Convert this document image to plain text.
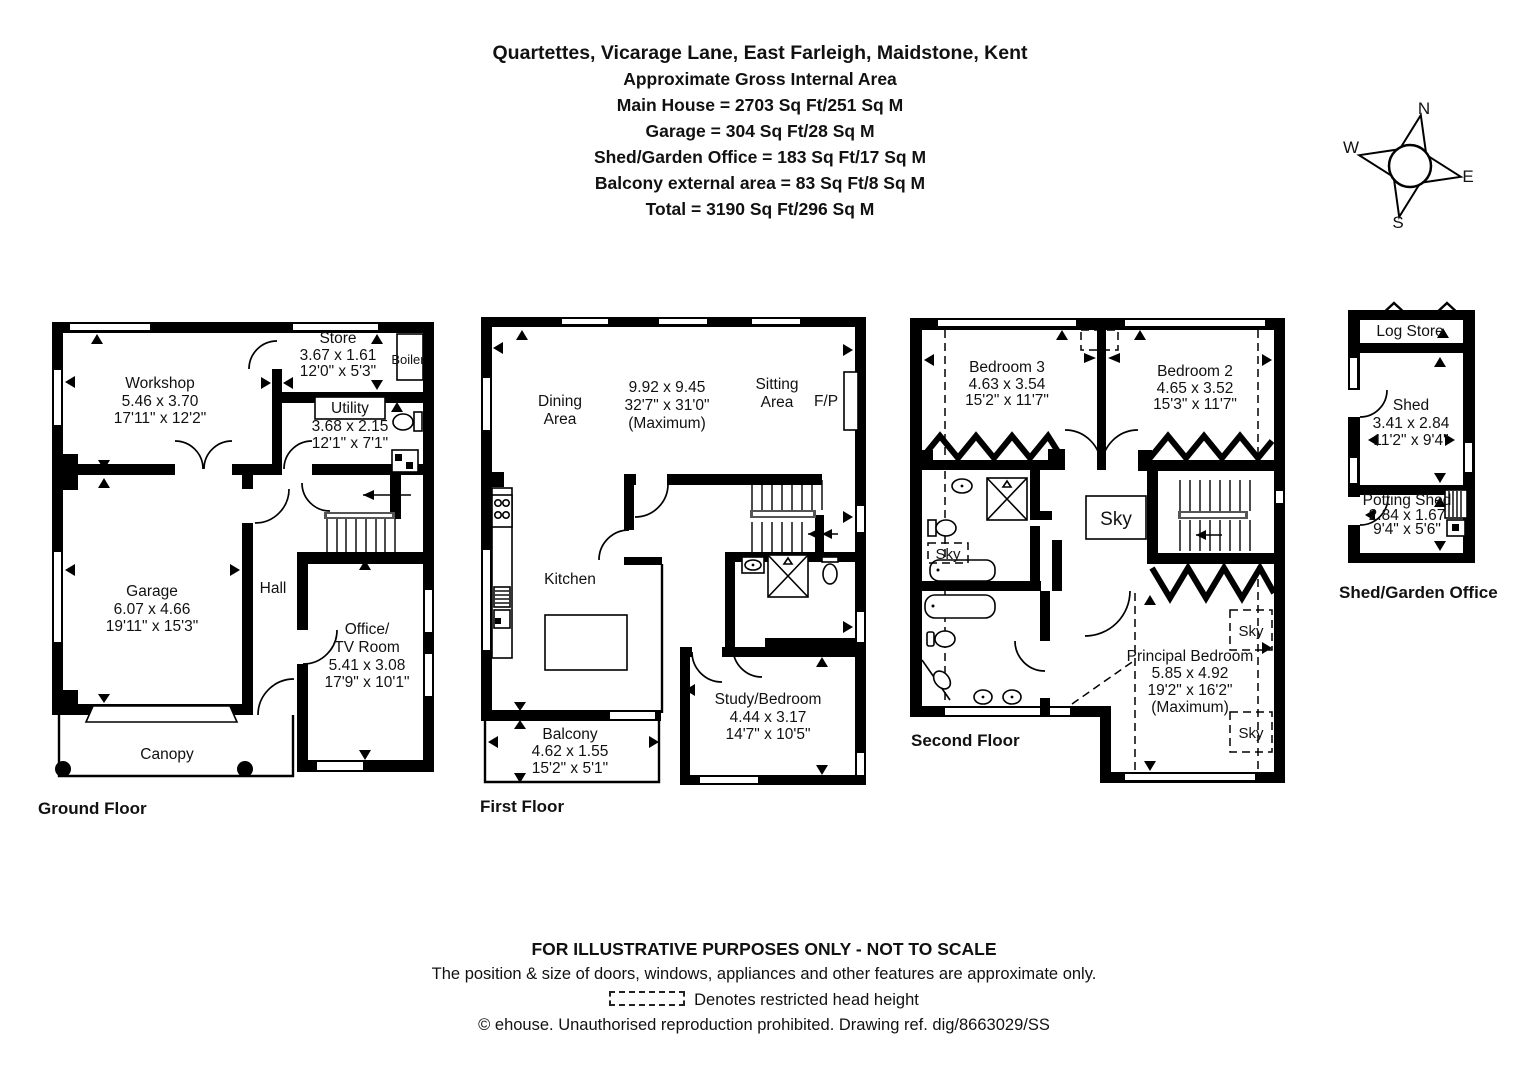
Quartettes, Vicarage Lane, East Farleigh, Maidstone, Kent
Approximate Gross Internal Area
Main House = 2703 Sq Ft/251 Sq M
Garage = 304 Sq Ft/28 Sq M
Shed/Garden Office = 183 Sq Ft/17 Sq M
Balcony external area = 83 Sq Ft/8 Sq M
Total = 3190 Sq Ft/296 Sq M
N
E
S
W
Workshop
5.46 x 3.70
17'11" x 12'2"
Store
3.67 x 1.61
12'0" x 5'3"
Boiler
Utility
3.68 x 2.15
12'1" x 7'1"
Garage
6.07 x 4.66
19'11" x 15'3"
Hall
Office/
TV Room
5.41 x 3.08
17'9" x 10'1"
Canopy
Ground Floor
9.92 x 9.45
32'7" x 31'0"
(Maximum)
Dining
Area
Sitting
Area F/P
Kitchen
Study/Bedroom
4.44 x 3.17
14'7" x 10'5"
Balcony
4.62 x 1.55
15'2" x 5'1"
First Floor
Bedroom 3
4.63 x 3.54
15'2" x 11'7"
Bedroom 2
4.65 x 3.52
15'3" x 11'7"
Principal Bedroom
5.85 x 4.92
19'2" x 16'2"
(Maximum)
Sky
Sky
Sky
Sky
Second Floor
Log Store
Shed
3.41 x 2.84
11'2" x 9'4"
Potting Shed
2.84 x 1.67
9'4" x 5'6"
Shed/Garden Office
FOR ILLUSTRATIVE PURPOSES ONLY - NOT TO SCALE
The position & size of doors, windows, appliances and other features are approximate only.
Denotes restricted head height
© ehouse. Unauthorised reproduction prohibited. Drawing ref. dig/8663029/SS
